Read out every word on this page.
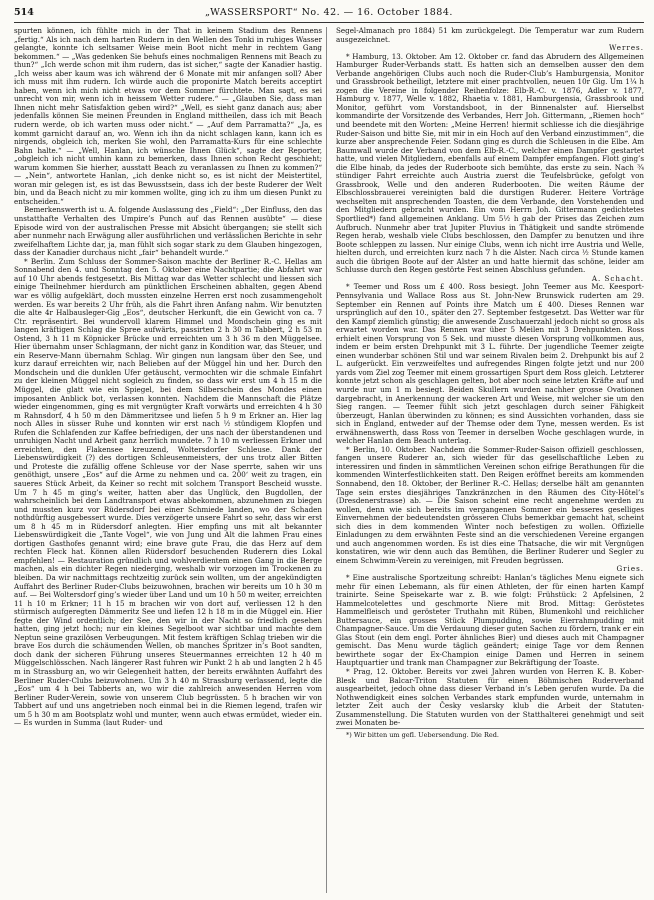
514	„WASSERSPORT“ No. 42. — 16. October 1884.

spurten können, ich fühlte mich in der That in keinem Stadium des Rennens „fertig.“ Als ich nach dem harten Rudern in den Wellen des Tonki in ruhiges Wasser gelangte, konnte ich seltsamer Weise mein Boot nicht mehr in rechtem Gang bekommen.“ — „Was gedenken Sie behufs eines nochmaligen Rennens mit Beach zu thun?“ „Ich werde schon mit ihm rudern, das ist sicher,“ sagte der Kanadier hastig. „Ich weiss aber kaum was ich während der 6 Monate mit mir anfangen soll? Aber ich muss mit ihm rudern. Ich würde auch die proponirte Match bereits acceptirt haben, wenn ich mich nicht etwas vor dem Sommer fürchtete. Man sagt, es sei unrecht von mir, wenn ich in heissem Wetter rudere.“ — „Glauben Sie, dass man Ihnen nicht mehr Satisfaktion geben wird?“ „Well, es sieht ganz danach aus; aber jedenfalls können Sie meinen Freunden in England mittheilen, dass ich mit Beach rudern werde, ob ich warten muss oder nicht.“ — „Auf dem Parramatta?“ „Ja, es kommt garnicht darauf an, wo. Wenn ich ihn da nicht schlagen kann, kann ich es nirgends, obgleich ich, merken Sie wohl, den Parramatta-Kurs für eine schlechte Bahn halte.“ — „Well, Hanlan, ich wünsche Ihnen Glück“, sagte der Reporter, „obgleich ich nicht umhin kann zu bemerken, dass Ihnen schon Recht geschieht; warum kommen Sie hierher, ausstatt Beach zu veranlassen zu Ihnen zu kommen?“ — „Nein“, antwortete Hanlan, „ich denke nicht so, es ist nicht der Meistertitel, woran mir gelegen ist, es ist das Bewusstsein, dass ich der beste Ruderer der Welt bin, und da Beach nicht zu mir kommen wollte, ging ich zu ihm um diesen Punkt zu entscheiden.“

Bemerkenswerth ist u. A. folgende Auslassung des „Field“: „Der Einfluss, den das unstatthafte Verhalten des Umpire’s Punch auf das Rennen ausübte“ — diese Episode wird von der australischen Presse mit Absicht übergangen; sie stellt sich aber nunmehr nach Erwägung aller ausführlichen und verlässlichen Berichte in sehr zweifelhaftem Lichte dar, ja, man fühlt sich sogar stark zu dem Glauben hingezogen, dass der Kanadier durchaus nicht „fair“ behandelt wurde.“

* Berlin. Zum Schluss der Sommer-Saison machte der Berliner R.-C. Hellas am Sonnabend den 4. und Sonntag den 5. Oktober eine Nachtpartie; die Abfahrt war auf 10 Uhr abends festgesetzt. Bis Mittag war das Wetter schlecht und liessen sich einige Theilnehmer hierdurch am pünktlichen Erscheinen abhalten, gegen Abend war es völlig aufgeklärt, doch mussten einzelne Herren erst noch zusammengeholt werden. Es war bereits 2 Uhr früh, als die Fahrt ihren Anfang nahm. Wir benutzten die alte 4r Halbausleger-Gig „Eos“, deutscher Herkunft, die ein Gewicht von ca. 7 Ctr. repräsentirt. Bei wundervoll klarem Himmel und Mondschein ging es mit langen kräftigen Schlag die Spree aufwärts, passirten 2 h 30 m Tabbert, 2 h 53 m Ostend, 3 h 11 m Köpnicker Brücke und erreichten um 3 h 36 m den Müggelsee. Hier übernahm unser Schlagmann, der nicht ganz in Kondition war, das Steuer, und ein Reserve-Mann übernahm Schlag. Wir gingen nun langsam über den See, und kurz darauf erreichten wir, nach Belieben auf der Müggel hin und her. Durch den Mondschein und die dunklen Ufer getäuscht, vermochten wir die schmale Einfahrt zu der kleinen Müggel nicht sogleich zu finden, so dass wir erst um 4 h 15 m die Müggel, die glatt wie ein Spiegel, bei dem Silberschein des Mondes einen imposanten Anblick bot, verlassen konnten. Nachdem die Mannschaft die Plätze wieder eingenommen, ging es mit vergnügter Kraft vorwärts und erreichten 4 h 30 m Rahnsdorf, 4 h 50 m den Dämmeritzsee und liefen 5 h 9 m Erkner an. Hier lag noch Alles in süsser Ruhe und konnten wir erst nach ½ stündigem Klopfen und Rufen die Schlafenden zur Kaffee befriedigen, der uns nach der überstandenen und unruhigen Nacht und Arbeit ganz herrlich mundete. 7 h 10 m verliessen Erkner und erreichten, den Flakensee kreuzend, Woltersdorfer Schleuse. Dank der Liebenswürdigkeit (?) des dortigen Schleusenmeisters, der uns trotz aller Bitten und Proteste die zufällig offene Schleuse vor der Nase sperrte, sahen wir uns genöthigt, unsere „Eos“ auf die Arme zu nehmen und ca. 200‘ weit zu tragen, ein saueres Stück Arbeit, da Keiner so recht mit solchem Transport Bescheid wusste. Um 7 h 45 m ging’s weiter, hatten aber das Unglück, den Bugdollen, der wahrscheinlich bei dem Landtransport etwas abbekommen, abzunehmen zu biegen und mussten kurz vor Rüdersdorf bei einer Schmiede landen, wo der Schaden nothdürftig ausgebessert wurde. Dies verzögerte unsere Fahrt so sehr, dass wir erst um 8 h 45 m in Rüdersdorf anlegten. Hier empfing uns mit alt bekannter Liebenswürdigkeit die „Tante Vogel“, wie von Jung und Alt die lahmen Frau eines dortigen Gasthofes genannt wird; eine brave gute Frau, die das Herz auf dem rechten Fleck hat. Können allen Rüdersdorf besuchenden Ruderern dies Lokal empfehlen! — Restauration gründlich und wohlverdientem einen Gang in die Berge machen, als ein dichter Regen niederging, weshalb wir vorzogen im Trockenen zu bleiben. Da wir nachmittags rechtzeitig zurück sein wollten, um der angekündigten Auffahrt des Berliner Ruder-Clubs beizuwohnen, brachen wir bereits um 10 h 30 m auf. — Bei Woltersdorf ging’s wieder über Land und um 10 h 50 m weiter, erreichten 11 h 10 m Erkner; 11 h 15 m brachen wir von dort auf, verliessen 12 h den stürmisch aufgeregten Dämmeritz See und liefen 12 h 18 m in die Müggel ein. Hier fegte der Wind ordentlich; der See, den wir in der Nacht so friedlich gesehen hatten, ging jetzt hoch; nur ein kleines Segelboot war sichtbar und machte dem Neptun seine grazilösen Verbeugungen. Mit festem kräftigen Schlag trieben wir die brave Eos durch die schäumenden Wellen, ob manches Spritzer in’s Boot sandten, doch dank der sicheren Führung unseres Steuermannes erreichten 12 h 40 m Müggelschlösschen. Nach längerer Rast fuhren wir Punkt 2 h ab und langten 2 h 45 m in Strassburg an, wo wir Gelegenheit hatten, der bereits erwähnten Auffahrt des Berliner Ruder-Clubs beizuwohnen. Um 3 h 40 m Strassburg verlassend, legte die „Eos“ um 4 h bei Tabberts an, wo wir die zahlreich anwesenden Herren vom Berliner Ruder-Verein, sowie von unserem Club begrüssten. 5 h brachen wir von Tabbert auf und uns angetrieben noch einmal bei in die Riemen legend, trafen wir um 5 h 30 m am Bootsplatz wohl und munter, wenn auch etwas ermüdet, wieder ein. — Es wurden in Summa (laut Ruder- und

Segel-Almanach pro 1884) 51 km zurückgelegt. Die Temperatur war zum Rudern ausgezeichnet.

Werres.

* Hamburg, 13. Oktober. Am 12. Oktober cr. fand das Abrudern des Allgemeinen Hamburger Ruder-Verbands statt. Es hatten sich an demselben ausser den dem Verbande angehörigen Clubs auch noch die Ruder-Club’s Hamburgensia, Monitor und Grassbrook betheiligt, letztere mit einer prachtvollen, neuen 10r Gig. Um 1¼ h zogen die Vereine in folgender Reihenfolze: Elb-R.-C. v. 1876, Adler v. 1877, Hamburg v. 1877, Welle v. 1882, Rhaetia v. 1881, Hamburgensia, Grassbrook und Monitor, geführt vom Vorstandsboot, in der Binnenalster auf. Hierselbst kommandirte der Vorsitzende des Verbandes, Herr Joh. Gittermann, „Riemen hoch“ und beendete mit den Worten: „Meine Herren! hiermit schliesse ich die diesjährige Ruder-Saison und bitte Sie, mit mir in ein Hoch auf den Verband einzustimmen“, die kurze aber ansprechende Feier. Sodann ging es durch die Schleusen in die Elbe. Am Baumwall wurde der Verband von dem Elb-R.-C., welcher einen Dampfer gestartet hatte, und vielen Mitgliedern, ebenfalls auf einem Dampfer empfangen. Flott ging’s die Elbe hinab, da jedes der Ruderboote sich bemühte, das erste zu sein. Nach ¾ stündiger Fahrt erreichte auch Austria zuerst die Teufelsbrücke, gefolgt von Grassbrook, Welle und den anderen Ruderbooten. Die weiten Räume der Elbschlossbrauerei vereinigten bald die durstigen Ruderer. Heitere Vorträge wechselten mit ansprechenden Toasten, die dem Verbande, den Vorstehenden und den Mitgliedern gebracht wurden. Ein vom Herrn Joh. Gittermann gedichtetes Sportlied*) fand allgemeinen Anklang. Um 5½ h gab der Prises das Zeichen zum Aufbruch. Nunmehr aber trat Jupiter Pluvius in Thätigkeit und sandte strömende Regen herab, weshalb viele Clubs beschlossen, den Dampfer zu benutzen und ihre Boote schleppen zu lassen. Nur einige Clubs, wenn ich nicht irre Austria und Welle, hielten durch, und erreichten kurz nach 7 h die Alster. Nach circa ½ Stunde kamen auch die übrigen Boote auf der Alster an und hatte hiermit das schöne, leider am Schlusse durch den Regen gestörte Fest seinen Abschluss gefunden.

A. Schacht.

* Teemer und Ross um £ 400. Ross besiegt. John Teemer aus Mc. Keesport-Pennsylvania und Wallace Ross aus St. John-New Brunswick ruderten am 29. September ein Rennen auf Points ihre Match um £ 400. Dieses Rennen war ursprünglich auf den 10., später den 27. September festgesetzt. Das Wetter war für den Kampf ziemlich günstig; die anwesende Zuschauerzahl jedoch nicht so gross als erwartet worden war. Das Rennen war über 5 Meilen mit 3 Drehpunkten. Ross erhielt einen Vorsprung von 5 Sek. und musste diesen Vorsprung vollkommen aus, indem er beim ersten Drehpunkt mit 3 L. führte. Der jugendliche Teemer zeigte einen wunderbar schönen Stil und war seinem Rivalen beim 2. Drehpunkt bis auf 2 L. aufgerückt. Ein verzweifeltes und aufregendes Ringen folgte jetzt und nur 200 yards vom Ziel zog Teemer mit einem grossartigen Spurt dem Ross gleich. Letzterer konnte jetzt schon als geschlagen gelten, bot aber noch seine letzten Kräfte auf und wurde nur um 1 m besiegt. Beiden Skullern wurden nachher grosse Ovationen dargebracht, in Anerkennung der wackeren Art und Weise, mit welcher sie um den Sieg rangen. — Teemer fühlt sich jetzt geschlagen durch seiner Fähigkeit überzeugt, Hanlan überwinden zu können; es sind Aussichten vorhanden, dass sie sich in England, entweder auf der Themse oder dem Tyne, messen werden. Es ist erwähnenswerth, dass Ross von Teemer in derselben Woche geschlagen wurde, in welcher Hanlan dem Beach unterlag.

* Berlin, 10. Oktober. Nachdem die Sommer-Ruder-Saison offiziell geschlossen, fangen unsere Ruderer an, sich wieder für das gesellschaftliche Leben zu interessiren und finden in sämmtlichen Vereinen schon eifrige Berathungen für die kommenden Winterfestlichkeiten statt. Den Reigen eröffnet bereits am kommenden Sonnabend, den 18. Oktober, der Berliner R.-C. Hellas; derselbe hält am genannten Tage sein erstes diesjähriges Tanzkränzchen in den Räumen des City-Hôtel’s (Dresdenerstrasse) ab. — Die Saison scheint eine recht angenehme werden zu wollen, denn wie sich bereits im vergangenen Sommer ein besseres geselliges Einvernehmen der bedeutendsten grösseren Clubs bemerkbar gemacht hat, scheint sich dies in dem kommenden Winter noch befestigen zu wollen. Offizielle Einladungen zu dem erwähnten Feste sind an die verschiedenen Vereine ergangen und auch angenommen worden. Es ist dies eine Thatsache, die wir mit Vergnügen konstatiren, wie wir denn auch das Bemühen, die Berliner Ruderer und Segler zu einem Schwimm-Verein zu vereinigen, mit Freuden begrüssen.

Gries.

* Eine australische Sportzeitung schreibt: Hanlan’s tägliches Menu eignete sich mehr für einen Lebemann, als für einen Athleten, der für einen harten Kampf trainirte. Seine Speisekarte war z. B. wie folgt: Frühstück: 2 Apfelsinen, 2 Hammelcotelettes und geschmorte Niere mit Brod. Mittag: Geröstetes Hammelfleisch und gerösteter Truthahn mit Rüben, Blumenkohl und reichlicher Buttersauce, ein grosses Stück Plumpudding, sowie Eierrahmpudding mit Champagner-Sauce. Um die Verdauung dieser guten Sachen zu fördern, trank er ein Glas Stout (ein dem engl. Porter ähnliches Bier) und dieses auch mit Champagner gemischt. Das Menu wurde täglich geändert; einige Tage vor dem Rennen bewirthete sogar der Ex-Champion einige Damen und Herren in seinem Hauptquartier und trank man Champagner zur Bekräftigung der Toaste.

* Prag, 12. Oktober. Bereits vor zwei Jahren wurden von Herren K. B. Kober-Blesk und Balcar-Triton Statuten für einen Böhmischen Ruderverband ausgearbeitet, jedoch ohne dass dieser Verband in’s Leben gerufen wurde. Da die Nothwendigkeit eines solchen Verbandes stark empfunden wurde, unternahm in letzter Zeit auch der Česky veslarsky klub die Arbeit der Statuten-Zusammenstellung. Die Statuten wurden von der Statthalterei genehmigt und seit zwei Monaten be-

*) Wir bitten um gefl. Uebersendung. Die Red.
